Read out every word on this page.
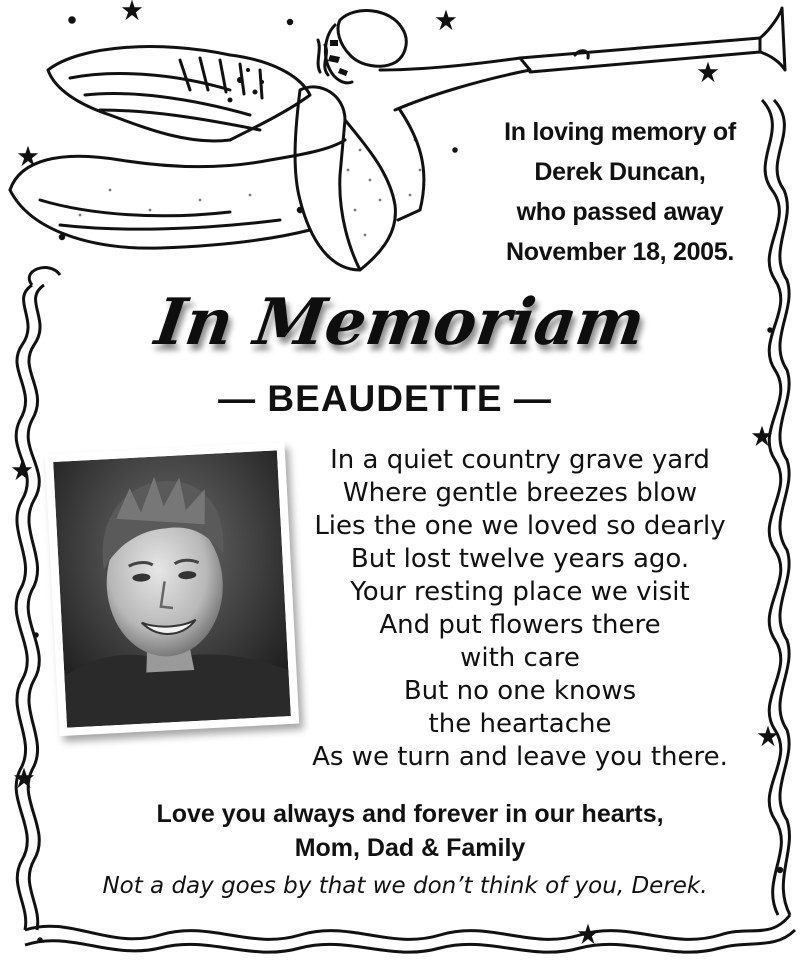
In loving memory of
Derek Duncan,
who passed away
November 18, 2005.
In Memoriam
— BEAUDETTE —
In a quiet country grave yard
Where gentle breezes blow
Lies the one we loved so dearly
But lost twelve years ago.
Your resting place we visit
And put flowers there
with care
But no one knows
the heartache
As we turn and leave you there.
Love you always and forever in our hearts,
Mom, Dad & Family
Not a day goes by that we don’t think of you, Derek.
